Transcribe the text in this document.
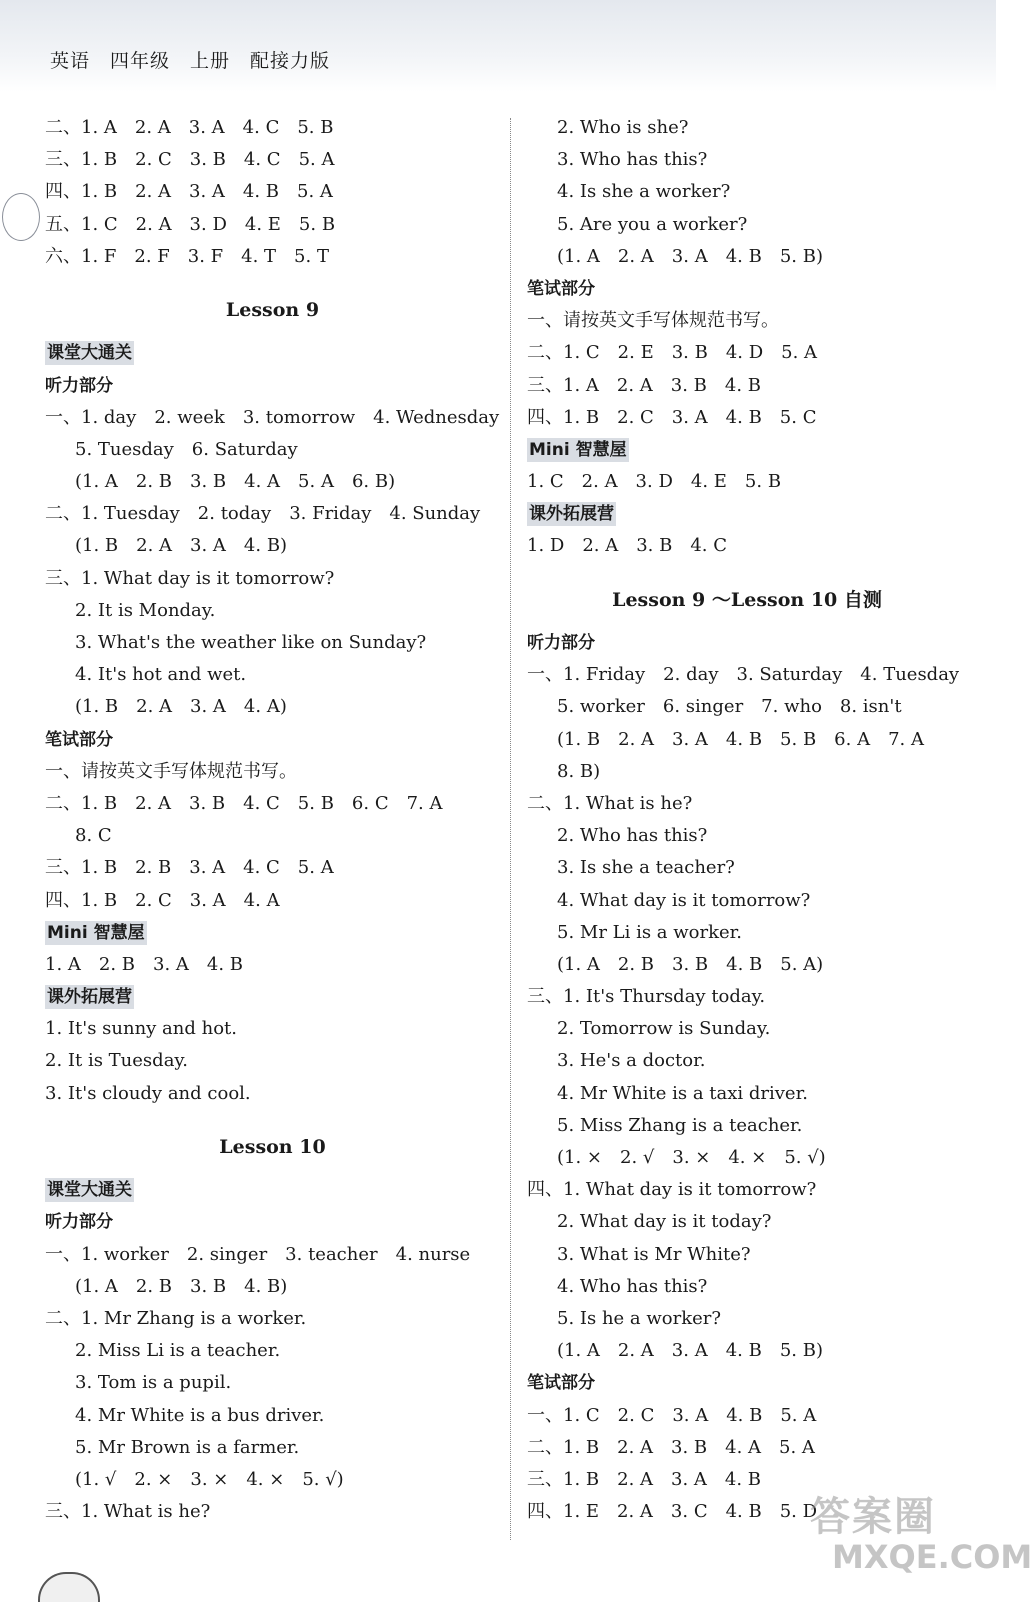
英语　四年级　上册　配接力版
二、1. A　2. A　3. A　4. C　5. B
三、1. B　2. C　3. B　4. C　5. A
四、1. B　2. A　3. A　4. B　5. A
五、1. C　2. A　3. D　4. E　5. B
六、1. F　2. F　3. F　4. T　5. T
Lesson 9
课堂大通关
听力部分
一、1. day　2. week　3. tomorrow　4. Wednesday
5. Tuesday　6. Saturday
(1. A　2. B　3. B　4. A　5. A　6. B)
二、1. Tuesday　2. today　3. Friday　4. Sunday
(1. B　2. A　3. A　4. B)
三、1. What day is it tomorrow?
2. It is Monday.
3. What's the weather like on Sunday?
4. It's hot and wet.
(1. B　2. A　3. A　4. A)
笔试部分
一、请按英文手写体规范书写。
二、1. B　2. A　3. B　4. C　5. B　6. C　7. A
8. C
三、1. B　2. B　3. A　4. C　5. A
四、1. B　2. C　3. A　4. A
Mini 智慧屋
1. A　2. B　3. A　4. B
课外拓展营
1. It's sunny and hot.
2. It is Tuesday.
3. It's cloudy and cool.
Lesson 10
课堂大通关
听力部分
一、1. worker　2. singer　3. teacher　4. nurse
(1. A　2. B　3. B　4. B)
二、1. Mr Zhang is a worker.
2. Miss Li is a teacher.
3. Tom is a pupil.
4. Mr White is a bus driver.
5. Mr Brown is a farmer.
(1. √　2. ×　3. ×　4. ×　5. √)
三、1. What is he?
2. Who is she?
3. Who has this?
4. Is she a worker?
5. Are you a worker?
(1. A　2. A　3. A　4. B　5. B)
笔试部分
一、请按英文手写体规范书写。
二、1. C　2. E　3. B　4. D　5. A
三、1. A　2. A　3. B　4. B
四、1. B　2. C　3. A　4. B　5. C
Mini 智慧屋
1. C　2. A　3. D　4. E　5. B
课外拓展营
1. D　2. A　3. B　4. C
Lesson 9 ～Lesson 10 自测
听力部分
一、1. Friday　2. day　3. Saturday　4. Tuesday
5. worker　6. singer　7. who　8. isn't
(1. B　2. A　3. A　4. B　5. B　6. A　7. A
8. B)
二、1. What is he?
2. Who has this?
3. Is she a teacher?
4. What day is it tomorrow?
5. Mr Li is a worker.
(1. A　2. B　3. B　4. B　5. A)
三、1. It's Thursday today.
2. Tomorrow is Sunday.
3. He's a doctor.
4. Mr White is a taxi driver.
5. Miss Zhang is a teacher.
(1. ×　2. √　3. ×　4. ×　5. √)
四、1. What day is it tomorrow?
2. What day is it today?
3. What is Mr White?
4. Who has this?
5. Is he a worker?
(1. A　2. A　3. A　4. B　5. B)
笔试部分
一、1. C　2. C　3. A　4. B　5. A
二、1. B　2. A　3. B　4. A　5. A
三、1. B　2. A　3. A　4. B
四、1. E　2. A　3. C　4. B　5. D
答案圈
MXQE.COM
